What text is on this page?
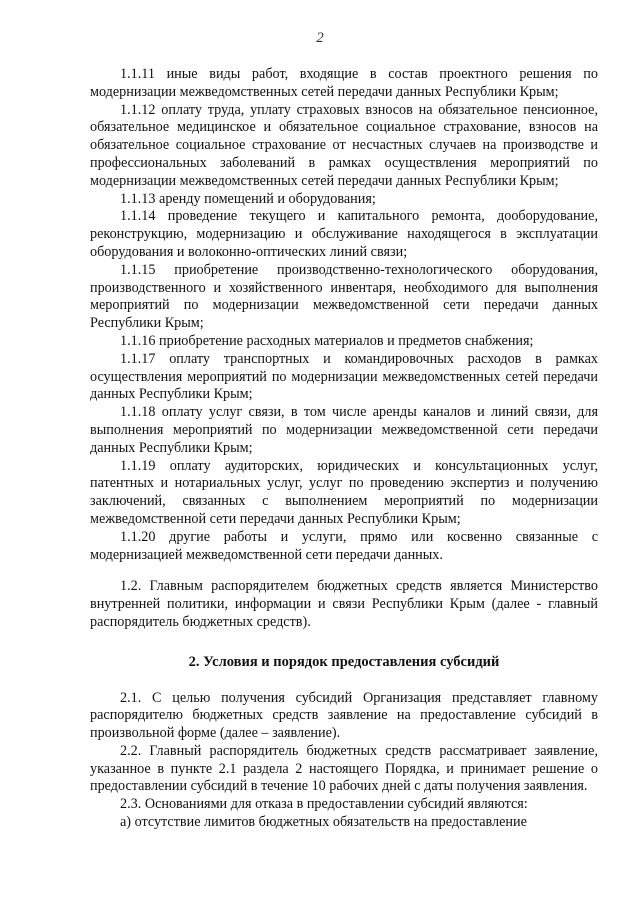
2

1.1.11 иные виды работ, входящие в состав проектного решения по модернизации межведомственных сетей передачи данных Республики Крым;

1.1.12 оплату труда, уплату страховых взносов на обязательное пенсионное, обязательное медицинское и обязательное социальное страхование, взносов на обязательное социальное страхование от несчастных случаев на производстве и профессиональных заболеваний в рамках осуществления мероприятий по модернизации межведомственных сетей передачи данных Республики Крым;

1.1.13 аренду помещений и оборудования;

1.1.14 проведение текущего и капитального ремонта, дооборудование, реконструкцию, модернизацию и обслуживание находящегося в эксплуатации оборудования и волоконно-оптических линий связи;

1.1.15 приобретение производственно-технологического оборудования, производственного и хозяйственного инвентаря, необходимого для выполнения мероприятий по модернизации межведомственной сети передачи данных Республики Крым;

1.1.16 приобретение расходных материалов и предметов снабжения;

1.1.17 оплату транспортных и командировочных расходов в рамках осуществления мероприятий по модернизации межведомственных сетей передачи данных Республики Крым;

1.1.18 оплату услуг связи, в том числе аренды каналов и линий связи, для выполнения мероприятий по модернизации межведомственной сети передачи данных Республики Крым;

1.1.19 оплату аудиторских, юридических и консультационных услуг, патентных и нотариальных услуг, услуг по проведению экспертиз и получению заключений, связанных с выполнением мероприятий по модернизации межведомственной сети передачи данных Республики Крым;

1.1.20 другие работы и услуги, прямо или косвенно связанные с модернизацией межведомственной сети передачи данных.

1.2. Главным распорядителем бюджетных средств является Министерство внутренней политики, информации и связи Республики Крым (далее - главный распорядитель бюджетных средств).

2. Условия и порядок предоставления субсидий

2.1. С целью получения субсидий Организация представляет главному распорядителю бюджетных средств заявление на предоставление субсидий в произвольной форме (далее – заявление).

2.2. Главный распорядитель бюджетных средств рассматривает заявление, указанное в пункте 2.1 раздела 2 настоящего Порядка, и принимает решение о предоставлении субсидий в течение 10 рабочих дней с даты получения заявления.

2.3. Основаниями для отказа в предоставлении субсидий являются:

а) отсутствие лимитов бюджетных обязательств на предоставление
